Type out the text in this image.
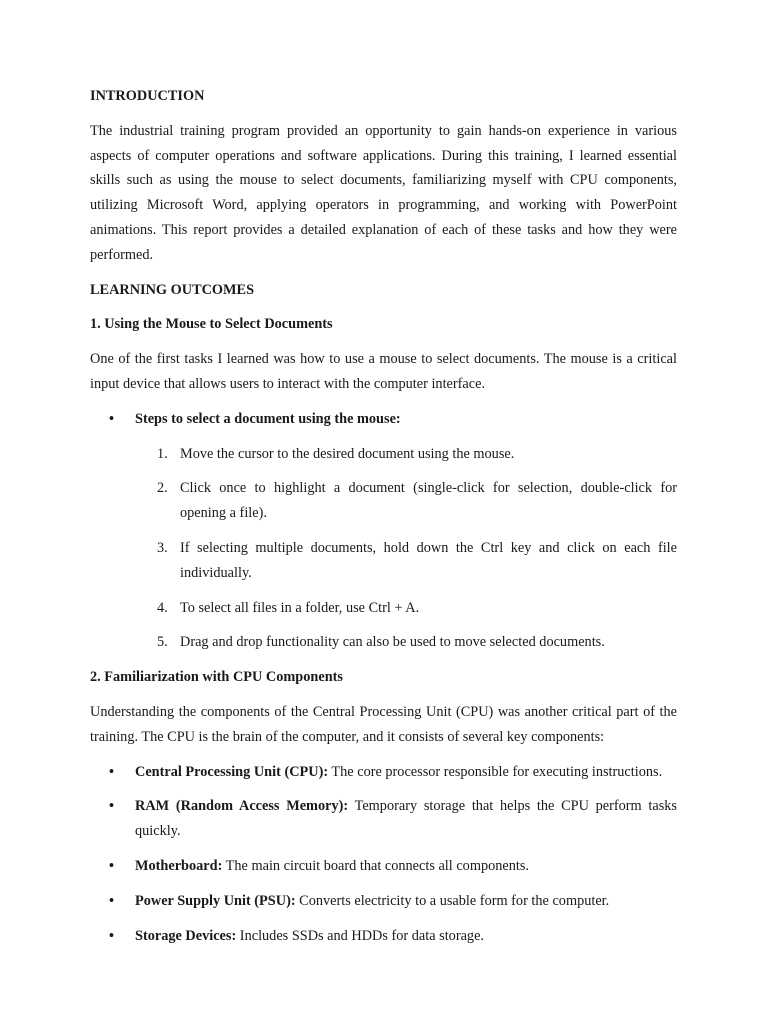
INTRODUCTION

The industrial training program provided an opportunity to gain hands-on experience in various aspects of computer operations and software applications. During this training, I learned essential skills such as using the mouse to select documents, familiarizing myself with CPU components, utilizing Microsoft Word, applying operators in programming, and working with PowerPoint animations. This report provides a detailed explanation of each of these tasks and how they were performed.

LEARNING OUTCOMES
1. Using the Mouse to Select Documents

One of the first tasks I learned was how to use a mouse to select documents. The mouse is a critical input device that allows users to interact with the computer interface.

• Steps to select a document using the mouse:
1. Move the cursor to the desired document using the mouse.
2. Click once to highlight a document (single-click for selection, double-click for opening a file).
3. If selecting multiple documents, hold down the Ctrl key and click on each file individually.
4. To select all files in a folder, use Ctrl + A.
5. Drag and drop functionality can also be used to move selected documents.
2. Familiarization with CPU Components

Understanding the components of the Central Processing Unit (CPU) was another critical part of the training. The CPU is the brain of the computer, and it consists of several key components:

• Central Processing Unit (CPU): The core processor responsible for executing instructions.
• RAM (Random Access Memory): Temporary storage that helps the CPU perform tasks quickly.
• Motherboard: The main circuit board that connects all components.
• Power Supply Unit (PSU): Converts electricity to a usable form for the computer.
• Storage Devices: Includes SSDs and HDDs for data storage.
